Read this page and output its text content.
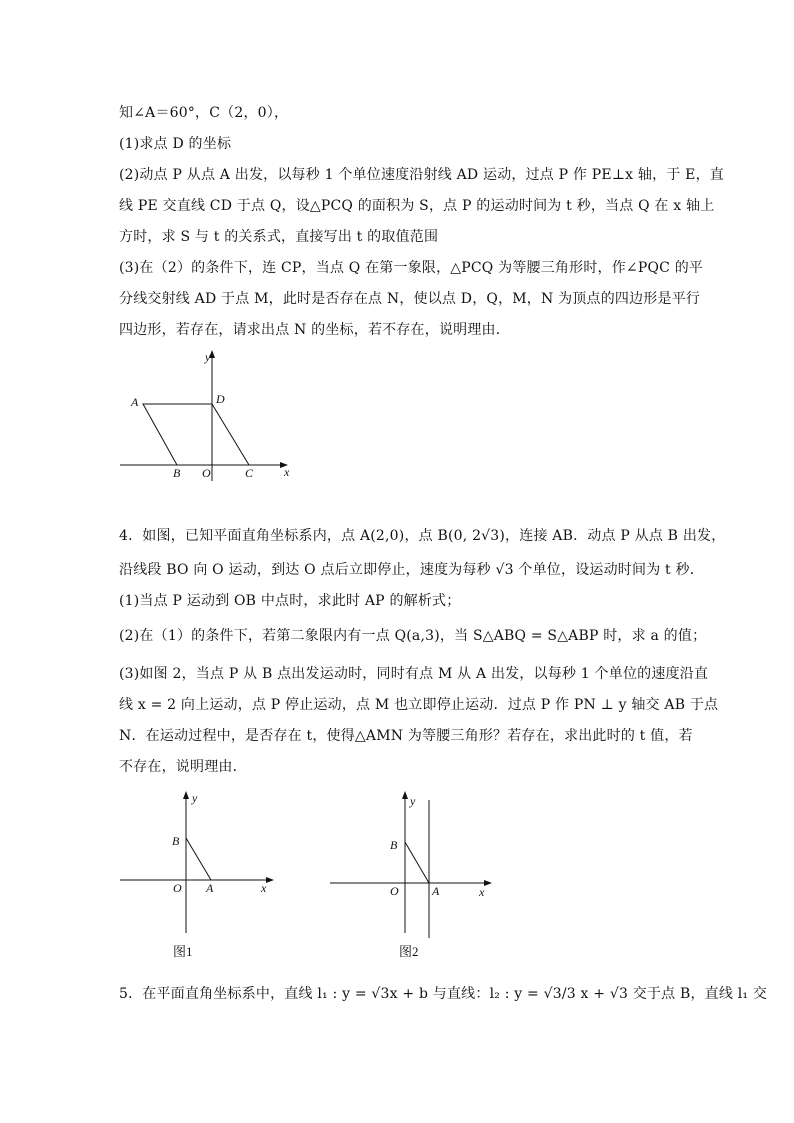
知∠A＝60°，C（2，0），
(1)求点 D 的坐标
(2)动点 P 从点 A 出发，以每秒 1 个单位速度沿射线 AD 运动，过点 P 作 PE⊥x 轴，于 E，直
线 PE 交直线 CD 于点 Q，设△PCQ 的面积为 S，点 P 的运动时间为 t 秒，当点 Q 在 x 轴上
方时，求 S 与 t 的关系式，直接写出 t 的取值范围
(3)在（2）的条件下，连 CP，当点 Q 在第一象限，△PCQ 为等腰三角形时，作∠PQC 的平
分线交射线 AD 于点 M，此时是否存在点 N，使以点 D，Q，M，N 为顶点的四边形是平行
四边形，若存在，请求出点 N 的坐标，若不存在，说明理由．
y
x
A	D
B O	C
4．如图，已知平面直角坐标系内，点 A(2,0)，点 B(0, 2√3)，连接 AB．动点 P 从点 B 出发，
沿线段 BO 向 O 运动，到达 O 点后立即停止，速度为每秒 √3 个单位，设运动时间为 t 秒．
(1)当点 P 运动到 OB 中点时，求此时 AP 的解析式；
(2)在（1）的条件下，若第二象限内有一点 Q(a,3)，当 S△ABQ = S△ABP 时，求 a 的值；
(3)如图 2，当点 P 从 B 点出发运动时，同时有点 M 从 A 出发，以每秒 1 个单位的速度沿直
线 x = 2 向上运动，点 P 停止运动，点 M 也立即停止运动．过点 P 作 PN ⊥ y 轴交 AB 于点
N．在运动过程中，是否存在 t，使得△AMN 为等腰三角形？若存在，求出此时的 t 值，若
不存在，说明理由．
y
x
B
O A
图1
y
x
B
O	A
图2
5．在平面直角坐标系中，直线 l₁ : y = √3x + b 与直线：l₂ : y = √3/3 x + √3 交于点 B，直线 l₁ 交
